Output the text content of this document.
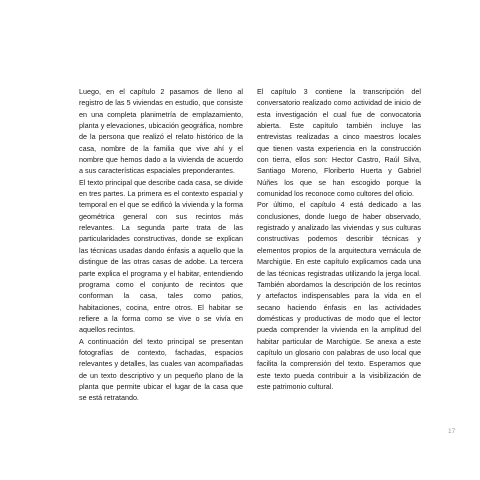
Luego, en el capítulo 2 pasamos de lleno al registro de las 5 viviendas en estudio, que consiste en una completa planimetría de emplazamiento, planta y elevaciones, ubicación geográfica, nombre de la persona que realizó el relato histórico de la casa, nombre de la familia que vive ahí y el nombre que hemos dado a la vivienda de acuerdo a sus características espaciales preponderantes.

El texto principal que describe cada casa, se divide en tres partes. La primera es el contexto espacial y temporal en el que se edificó la vivienda y la forma geométrica general con sus recintos más relevantes. La segunda parte trata de las particularidades constructivas, donde se explican las técnicas usadas dando énfasis a aquello que la distingue de las otras casas de adobe. La tercera parte explica el programa y el habitar, entendiendo programa como el conjunto de recintos que conforman la casa, tales como patios, habitaciones, cocina, entre otros. El habitar se refiere a la forma como se vive o se vivía en aquellos recintos.

A continuación del texto principal se presentan fotografías de contexto, fachadas, espacios relevantes y detalles, las cuales van acompañadas de un texto descriptivo y un pequeño plano de la planta que permite ubicar el lugar de la casa que se está retratando.

El capítulo 3 contiene la transcripción del conversatorio realizado como actividad de inicio de esta investigación el cual fue de convocatoria abierta. Este capítulo también incluye las entrevistas realizadas a cinco maestros locales que tienen vasta experiencia en la construcción con tierra, ellos son: Hector Castro, Raúl Silva, Santiago Moreno, Floriberto Huerta y Gabriel Núñes los que se han escogido porque la comunidad los reconoce como cultores del oficio.

Por último, el capítulo 4 está dedicado a las conclusiones, donde luego de haber observado, registrado y analizado las viviendas y sus culturas constructivas podemos describir técnicas y elementos propios de la arquitectura vernácula de Marchigüe. En este capítulo explicamos cada una de las técnicas registradas utilizando la jerga local. También abordamos la descripción de los recintos y artefactos indispensables para la vida en el secano haciendo énfasis en las actividades domésticas y productivas de modo que el lector pueda comprender la vivienda en la amplitud del habitar particular de Marchigüe. Se anexa a este capítulo un glosario con palabras de uso local que facilita la comprensión del texto. Esperamos que este texto pueda contribuir a la visibilización de este patrimonio cultural.

17
